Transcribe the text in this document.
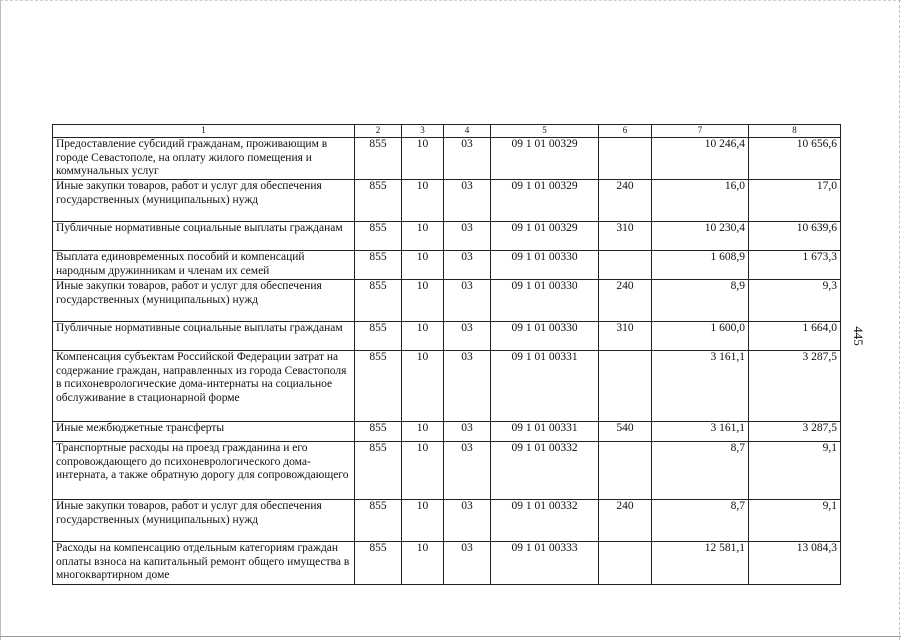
1	2	3	4	5	6	7	8
Предоставление субсидий гражданам, проживающим в городе Севастополе, на оплату жилого помещения и коммунальных услуг	855	10	03	09 1 01 00329		10 246,4	10 656,6
Иные закупки товаров, работ и услуг для обеспечения государственных (муниципальных) нужд	855	10	03	09 1 01 00329	240	16,0	17,0
Публичные нормативные социальные выплаты гражданам	855	10	03	09 1 01 00329	310	10 230,4	10 639,6
Выплата единовременных пособий и компенсаций народным дружинникам и членам их семей	855	10	03	09 1 01 00330		1 608,9	1 673,3
Иные закупки товаров, работ и услуг для обеспечения государственных (муниципальных) нужд	855	10	03	09 1 01 00330	240	8,9	9,3
Публичные нормативные социальные выплаты гражданам	855	10	03	09 1 01 00330	310	1 600,0	1 664,0
Компенсация субъектам Российской Федерации затрат на содержание граждан, направленных из города Севастополя в психоневрологические дома-интернаты на социальное обслуживание в стационарной форме	855	10	03	09 1 01 00331		3 161,1	3 287,5
Иные межбюджетные трансферты	855	10	03	09 1 01 00331	540	3 161,1	3 287,5
Транспортные расходы на проезд гражданина и его сопровождающего до психоневрологического дома-интерната, а также обратную дорогу для сопровождающего	855	10	03	09 1 01 00332		8,7	9,1
Иные закупки товаров, работ и услуг для обеспечения государственных (муниципальных) нужд	855	10	03	09 1 01 00332	240	8,7	9,1
Расходы на компенсацию отдельным категориям граждан оплаты взноса на капитальный ремонт общего имущества в многоквартирном доме	855	10	03	09 1 01 00333		12 581,1	13 084,3
445
